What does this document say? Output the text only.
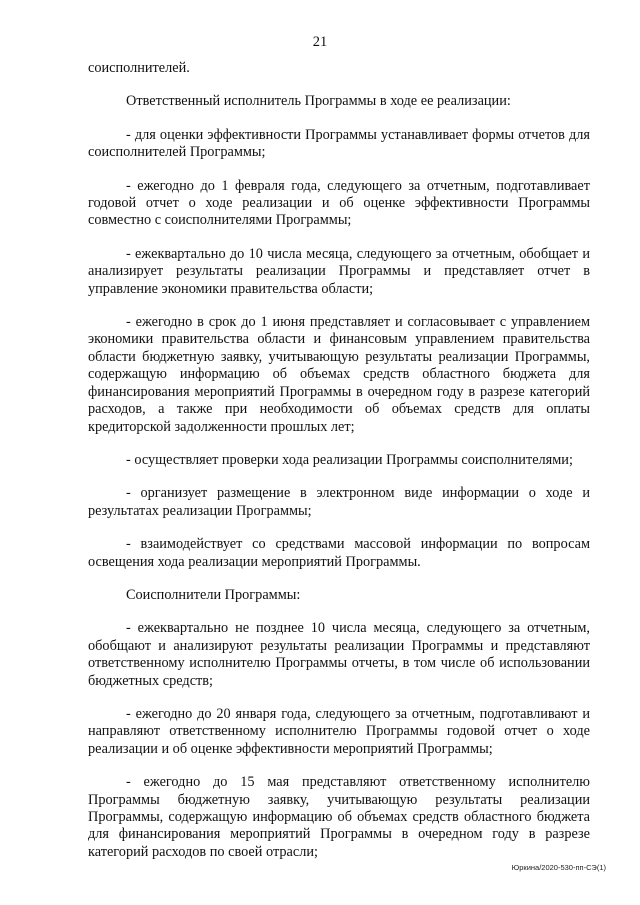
21

соисполнителей.

Ответственный исполнитель Программы в ходе ее реализации:

- для оценки эффективности Программы устанавливает формы отчетов для соисполнителей Программы;

- ежегодно до 1 февраля года, следующего за отчетным, подготавливает годовой отчет о ходе реализации и об оценке эффективности Программы совместно с соисполнителями Программы;

- ежеквартально до 10 числа месяца, следующего за отчетным, обобщает и анализирует результаты реализации Программы и представляет отчет в управление экономики правительства области;

- ежегодно в срок до 1 июня представляет и согласовывает с управлением экономики правительства области и финансовым управлением правительства области бюджетную заявку, учитывающую результаты реализации Программы, содержащую информацию об объемах средств областного бюджета для финансирования мероприятий Программы в очередном году в разрезе категорий расходов, а также при необходимости об объемах средств для оплаты кредиторской задолженности прошлых лет;

- осуществляет проверки хода реализации Программы соисполнителями;

- организует размещение в электронном виде информации о ходе и результатах реализации Программы;

- взаимодействует со средствами массовой информации по вопросам освещения хода реализации мероприятий Программы.

Соисполнители Программы:

- ежеквартально не позднее 10 числа месяца, следующего за отчетным, обобщают и анализируют результаты реализации Программы и представляют ответственному исполнителю Программы отчеты, в том числе об использовании бюджетных средств;

- ежегодно до 20 января года, следующего за отчетным, подготавливают и направляют ответственному исполнителю Программы годовой отчет о ходе реализации и об оценке эффективности мероприятий Программы;

- ежегодно до 15 мая представляют ответственному исполнителю Программы бюджетную заявку, учитывающую результаты реализации Программы, содержащую информацию об объемах средств областного бюджета для финансирования мероприятий Программы в очередном году в разрезе категорий расходов по своей отрасли;

Юркина/2020-530-пп-СЭ(1)
